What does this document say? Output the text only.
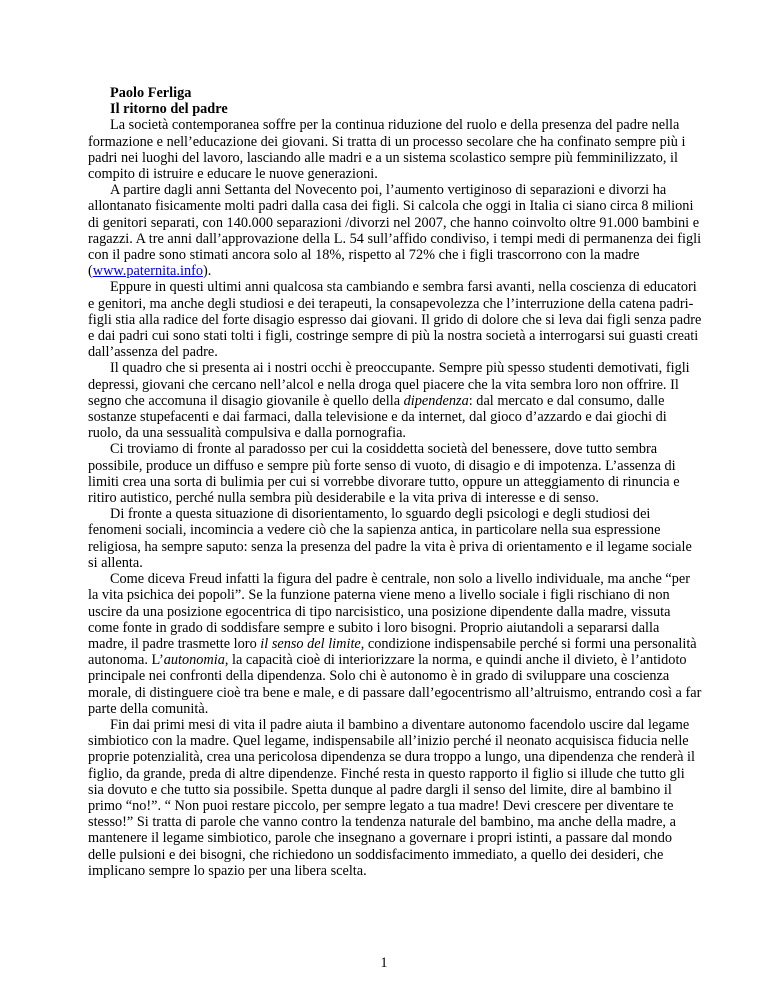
Paolo Ferliga

Il ritorno del padre

La società contemporanea soffre per la continua riduzione del ruolo e della presenza del padre nella formazione e nell’educazione dei giovani. Si tratta di un processo secolare che ha confinato sempre più i padri nei luoghi del lavoro, lasciando alle madri e a un sistema scolastico sempre più femminilizzato, il compito di istruire e educare le nuove generazioni.

A partire dagli anni Settanta del Novecento poi, l’aumento vertiginoso di separazioni e divorzi ha allontanato fisicamente molti padri dalla casa dei figli. Si calcola che oggi in Italia ci siano circa 8 milioni di genitori separati, con 140.000 separazioni /divorzi nel 2007, che hanno coinvolto oltre 91.000 bambini e ragazzi. A tre anni dall’approvazione della L. 54 sull’affido condiviso, i tempi medi di permanenza dei figli con il padre sono stimati ancora solo al 18%, rispetto al 72% che i figli trascorrono con la madre (www.paternita.info).

Eppure in questi ultimi anni qualcosa sta cambiando e sembra farsi avanti, nella coscienza di educatori e genitori, ma anche degli studiosi e dei terapeuti, la consapevolezza che l’interruzione della catena padri-figli stia alla radice del forte disagio espresso dai giovani. Il grido di dolore che si leva dai figli senza padre e dai padri cui sono stati tolti i figli, costringe sempre di più la nostra società a interrogarsi sui guasti creati dall’assenza del padre.

Il quadro che si presenta ai i nostri occhi è preoccupante. Sempre più spesso studenti demotivati, figli depressi, giovani che cercano nell’alcol e nella droga quel piacere che la vita sembra loro non offrire. Il segno che accomuna il disagio giovanile è quello della dipendenza: dal mercato e dal consumo, dalle sostanze stupefacenti e dai farmaci, dalla televisione e da internet, dal gioco d’azzardo e dai giochi di ruolo, da una sessualità compulsiva e dalla pornografia.

Ci troviamo di fronte al paradosso per cui la cosiddetta società del benessere, dove tutto sembra possibile, produce un diffuso e sempre più forte senso di vuoto, di disagio e di impotenza. L’assenza di limiti crea una sorta di bulimia per cui si vorrebbe divorare tutto, oppure un atteggiamento di rinuncia e ritiro autistico, perché nulla sembra più desiderabile e la vita priva di interesse e di senso.

Di fronte a questa situazione di disorientamento, lo sguardo degli psicologi e degli studiosi dei fenomeni sociali, incomincia a vedere ciò che la sapienza antica, in particolare nella sua espressione religiosa, ha sempre saputo: senza la presenza del padre la vita è priva di orientamento e il legame sociale si allenta.

Come diceva Freud infatti la figura del padre è centrale, non solo a livello individuale, ma anche “per la vita psichica dei popoli”. Se la funzione paterna viene meno a livello sociale i figli rischiano di non uscire da una posizione egocentrica di tipo narcisistico, una posizione dipendente dalla madre, vissuta come fonte in grado di soddisfare sempre e subito i loro bisogni. Proprio aiutandoli a separarsi dalla madre, il padre trasmette loro il senso del limite, condizione indispensabile perché si formi una personalità autonoma. L’autonomia, la capacità cioè di interiorizzare la norma, e quindi anche il divieto, è l’antidoto principale nei confronti della dipendenza. Solo chi è autonomo è in grado di sviluppare una coscienza morale, di distinguere cioè tra bene e male, e di passare dall’egocentrismo all’altruismo, entrando così a far parte della comunità.

Fin dai primi mesi di vita il padre aiuta il bambino a diventare autonomo facendolo uscire dal legame simbiotico con la madre. Quel legame, indispensabile all’inizio perché il neonato acquisisca fiducia nelle proprie potenzialità, crea una pericolosa dipendenza se dura troppo a lungo, una dipendenza che renderà il figlio, da grande, preda di altre dipendenze. Finché resta in questo rapporto il figlio si illude che tutto gli sia dovuto e che tutto sia possibile. Spetta dunque al padre dargli il senso del limite, dire al bambino il primo “no!”. “ Non puoi restare piccolo, per sempre legato a tua madre! Devi crescere per diventare te stesso!” Si tratta di parole che vanno contro la tendenza naturale del bambino, ma anche della madre, a mantenere il legame simbiotico, parole che insegnano a governare i propri istinti, a passare dal mondo delle pulsioni e dei bisogni, che richiedono un soddisfacimento immediato, a quello dei desideri, che implicano sempre lo spazio per una libera scelta.

1
